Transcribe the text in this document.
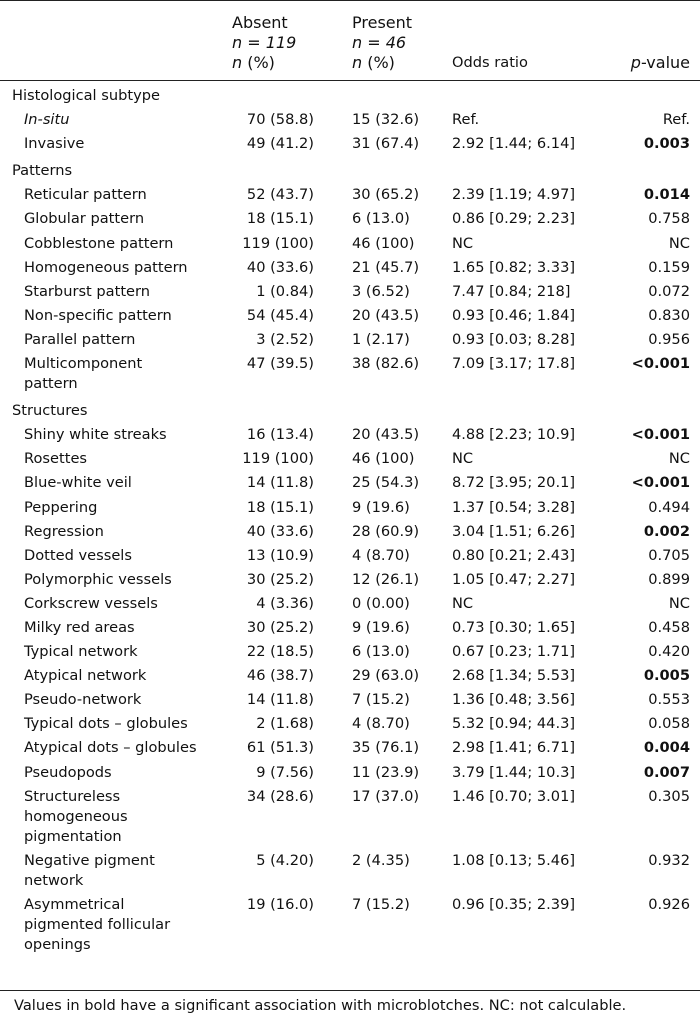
	Absent
n = 119
n (%)	Present
n = 46
n (%)	Odds ratio	p-value
Histological subtype				
In-situ	70 (58.8)	15 (32.6)	Ref.	Ref.
Invasive	49 (41.2)	31 (67.4)	2.92 [1.44; 6.14]	0.003
Patterns				
Reticular pattern	52 (43.7)	30 (65.2)	2.39 [1.19; 4.97]	0.014
Globular pattern	18 (15.1)	6 (13.0)	0.86 [0.29; 2.23]	0.758
Cobblestone pattern	119 (100)	46 (100)	NC	NC
Homogeneous pattern	40 (33.6)	21 (45.7)	1.65 [0.82; 3.33]	0.159
Starburst pattern	1 (0.84)	3 (6.52)	7.47 [0.84; 218]	0.072
Non-specific pattern	54 (45.4)	20 (43.5)	0.93 [0.46; 1.84]	0.830
Parallel pattern	3 (2.52)	1 (2.17)	0.93 [0.03; 8.28]	0.956

Multicomponent pattern	47 (39.5)	38 (82.6)	7.09 [3.17; 17.8]	<0.001
Structures				
Shiny white streaks	16 (13.4)	20 (43.5)	4.88 [2.23; 10.9]	<0.001
Rosettes	119 (100)	46 (100)	NC	NC
Blue-white veil	14 (11.8)	25 (54.3)	8.72 [3.95; 20.1]	<0.001
Peppering	18 (15.1)	9 (19.6)	1.37 [0.54; 3.28]	0.494
Regression	40 (33.6)	28 (60.9)	3.04 [1.51; 6.26]	0.002
Dotted vessels	13 (10.9)	4 (8.70)	0.80 [0.21; 2.43]	0.705
Polymorphic vessels	30 (25.2)	12 (26.1)	1.05 [0.47; 2.27]	0.899
Corkscrew vessels	4 (3.36)	0 (0.00)	NC	NC
Milky red areas	30 (25.2)	9 (19.6)	0.73 [0.30; 1.65]	0.458
Typical network	22 (18.5)	6 (13.0)	0.67 [0.23; 1.71]	0.420
Atypical network	46 (38.7)	29 (63.0)	2.68 [1.34; 5.53]	0.005
Pseudo-network	14 (11.8)	7 (15.2)	1.36 [0.48; 3.56]	0.553
Typical dots – globules	2 (1.68)	4 (8.70)	5.32 [0.94; 44.3]	0.058
Atypical dots – globules	61 (51.3)	35 (76.1)	2.98 [1.41; 6.71]	0.004
Pseudopods	9 (7.56)	11 (23.9)	3.79 [1.44; 10.3]	0.007

Structureless homogeneous pigmentation	34 (28.6)	17 (37.0)	1.46 [0.70; 3.01]	0.305

Negative pigment network	5 (4.20)	2 (4.35)	1.08 [0.13; 5.46]	0.932

Asymmetrical pigmented follicular openings	19 (16.0)	7 (15.2)	0.96 [0.35; 2.39]	0.926
Values in bold have a significant association with microblotches. NC: not calculable.
